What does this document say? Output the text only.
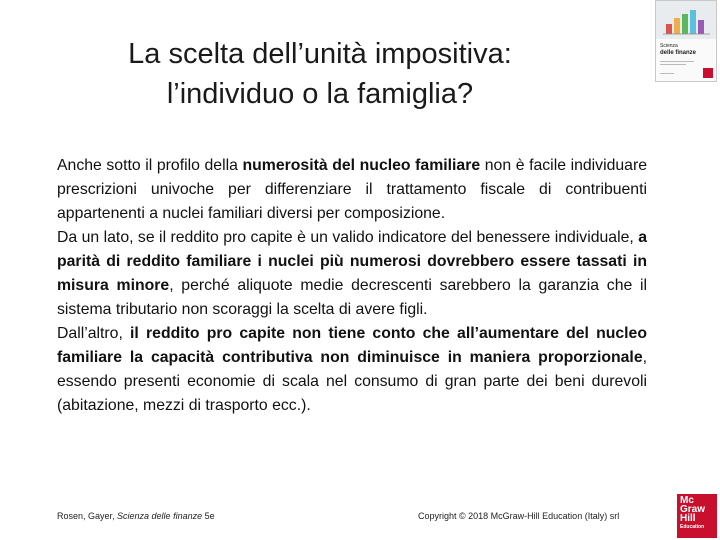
La scelta dell’unità impositiva:
l’individuo o la famiglia?
Scienza
delle finanze

Anche sotto il profilo della numerosità del nucleo familiare non è facile individuare prescrizioni univoche per differenziare il trattamento fiscale di contribuenti appartenenti a nuclei familiari diversi per composizione.

Da un lato, se il reddito pro capite è un valido indicatore del benessere individuale, a parità di reddito familiare i nuclei più numerosi dovrebbero essere tassati in misura minore, perché aliquote medie decrescenti sarebbero la garanzia che il sistema tributario non scoraggi la scelta di avere figli.

Dall’altro, il reddito pro capite non tiene conto che all’aumentare del nucleo familiare la capacità contributiva non diminuisce in maniera proporzionale, essendo presenti economie di scala nel consumo di gran parte dei beni durevoli (abitazione, mezzi di trasporto ecc.).

Rosen, Gayer, Scienza delle finanze 5e	Copyright © 2018 McGraw-Hill Education (Italy) srl
Mc
Graw
Hill
Education
